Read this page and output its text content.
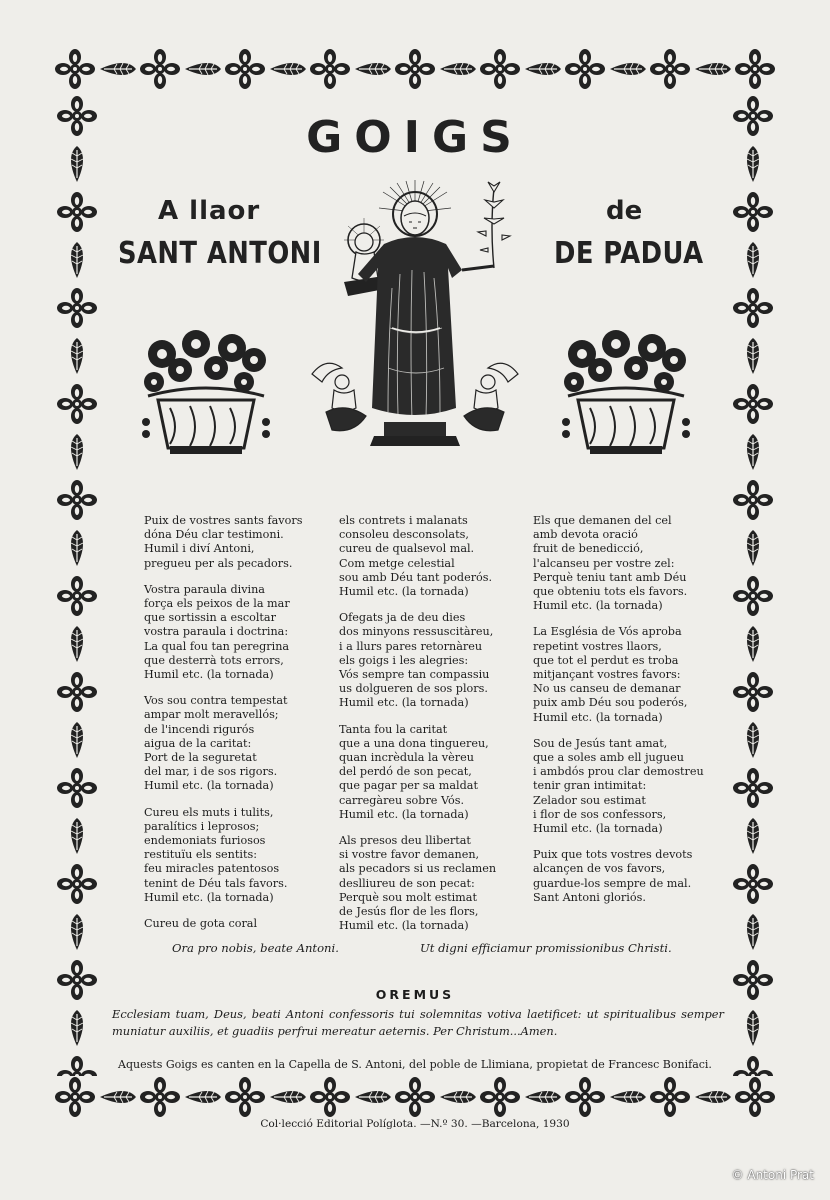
GOIGS
A llaor	de
SANT ANTONI	DE PADUA
Puix de vostres sants favors
dóna Déu clar testimoni.
Humil i diví Antoni,
pregueu per als pecadors.
Vostra paraula divina
força els peixos de la mar
que sortissin a escoltar
vostra paraula i doctrina:
La qual fou tan peregrina
que desterrà tots errors,
Humil etc. (la tornada)
Vos sou contra tempestat
ampar molt meravellós;
de l'incendi rigurós
aigua de la caritat:
Port de la seguretat
del mar, i de sos rigors.
Humil etc. (la tornada)
Cureu els muts i tulits,
paralítics i leprosos;
endemoniats furiosos
restituïu els sentits:
feu miracles patentosos
tenint de Déu tals favors.
Humil etc. (la tornada)
Cureu de gota coral
els contrets i malanats
consoleu desconsolats,
cureu de qualsevol mal.
Com metge celestial
sou amb Déu tant poderós.
Humil etc. (la tornada)
Ofegats ja de deu dies
dos minyons ressuscitàreu,
i a llurs pares retornàreu
els goigs i les alegries:
Vós sempre tan compassiu
us dolgueren de sos plors.
Humil etc. (la tornada)
Tanta fou la caritat
que a una dona tinguereu,
quan incrèdula la vèreu
del perdó de son pecat,
que pagar per sa maldat
carregàreu sobre Vós.
Humil etc. (la tornada)
Als presos deu llibertat
si vostre favor demanen,
als pecadors si us reclamen
deslliureu de son pecat:
Perquè sou molt estimat
de Jesús flor de les flors,
Humil etc. (la tornada)
Els que demanen del cel
amb devota oració
fruit de benedicció,
l'alcanseu per vostre zel:
Perquè teniu tant amb Déu
que obteniu tots els favors.
Humil etc. (la tornada)
La Església de Vós aproba
repetint vostres llaors,
que tot el perdut es troba
mitjançant vostres favors:
No us canseu de demanar
puix amb Déu sou poderós,
Humil etc. (la tornada)
Sou de Jesús tant amat,
que a soles amb ell jugueu
i ambdós prou clar demostreu
tenir gran intimitat:
Zelador sou estimat
i flor de sos confessors,
Humil etc. (la tornada)
Puix que tots vostres devots
alcançen de vos favors,
guardue-los sempre de mal.
Sant Antoni gloriós.
Ora pro nobis, beate Antoni.	Ut digni efficiamur promissionibus Christi.
OREMUS
Ecclesiam tuam, Deus, beati Antoni confessoris tui solemnitas votiva laetificet: ut spiritualibus semper muniatur auxiliis, et guadiis perfrui mereatur aeternis. Per Christum...Amen.
Aquests Goigs es canten en la Capella de S. Antoni, del poble de Llimiana, propietat de Francesc Bonifaci.
Col·lecció Editorial Políglota. —N.º 30. —Barcelona, 1930
© Antoni Prat
